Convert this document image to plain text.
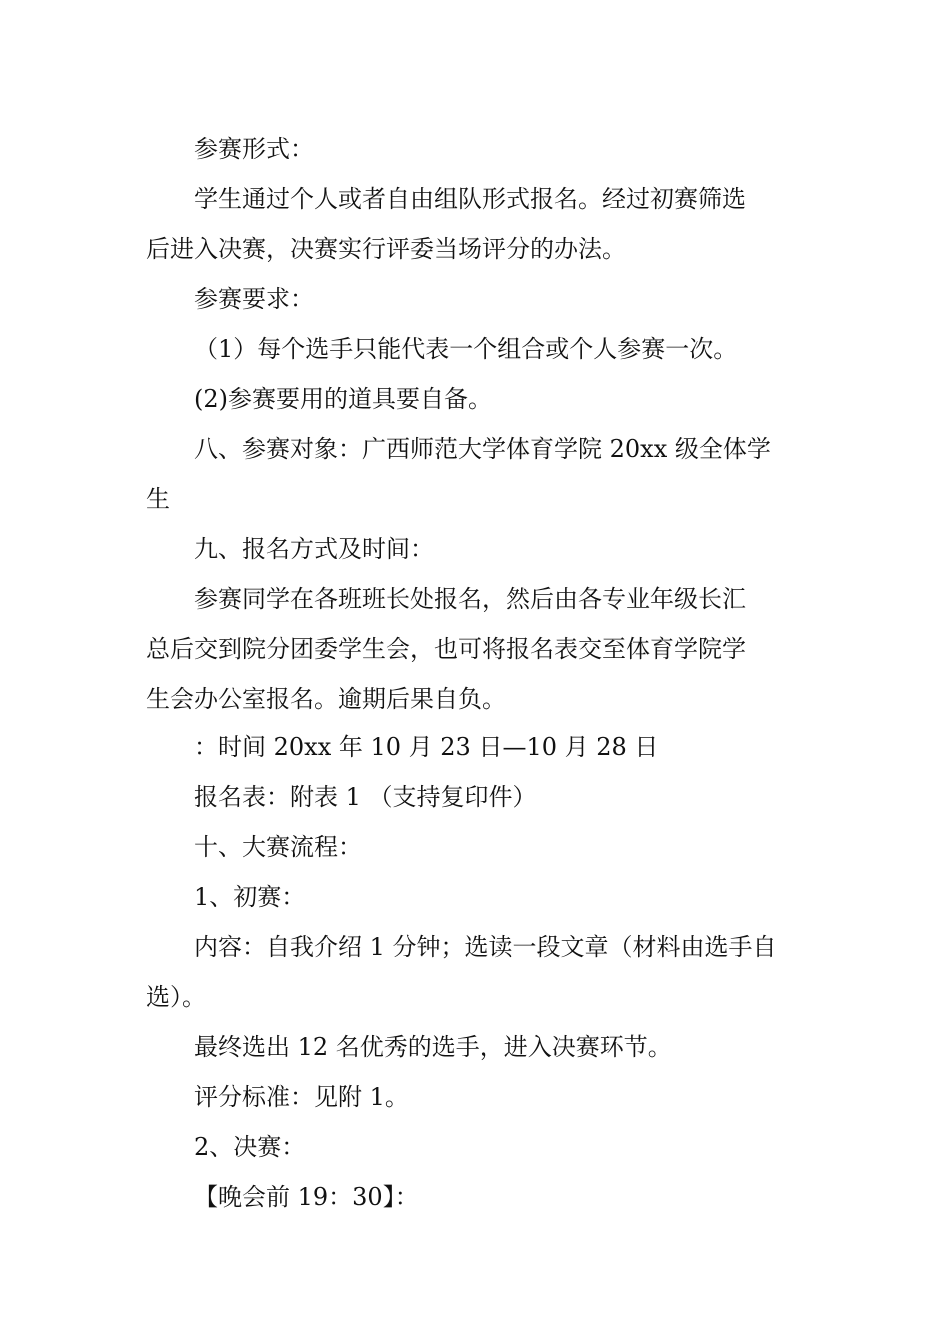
参赛形式：
学生通过个人或者自由组队形式报名。经过初赛筛选
后进入决赛，决赛实行评委当场评分的办法。
参赛要求：
（1）每个选手只能代表一个组合或个人参赛一次。
(2)参赛要用的道具要自备。
八、参赛对象：广西师范大学体育学院 20xx 级全体学
生
九、报名方式及时间：
参赛同学在各班班长处报名，然后由各专业年级长汇
总后交到院分团委学生会，也可将报名表交至体育学院学
生会办公室报名。逾期后果自负。
：时间 20xx 年 10 月 23 日—10 月 28 日
报名表：附表 1 （支持复印件）
十、大赛流程：
1、初赛：
内容：自我介绍 1 分钟；选读一段文章（材料由选手自
选）。
最终选出 12 名优秀的选手，进入决赛环节。
评分标准：见附 1。
2、决赛：
【晚会前 19：30】：
